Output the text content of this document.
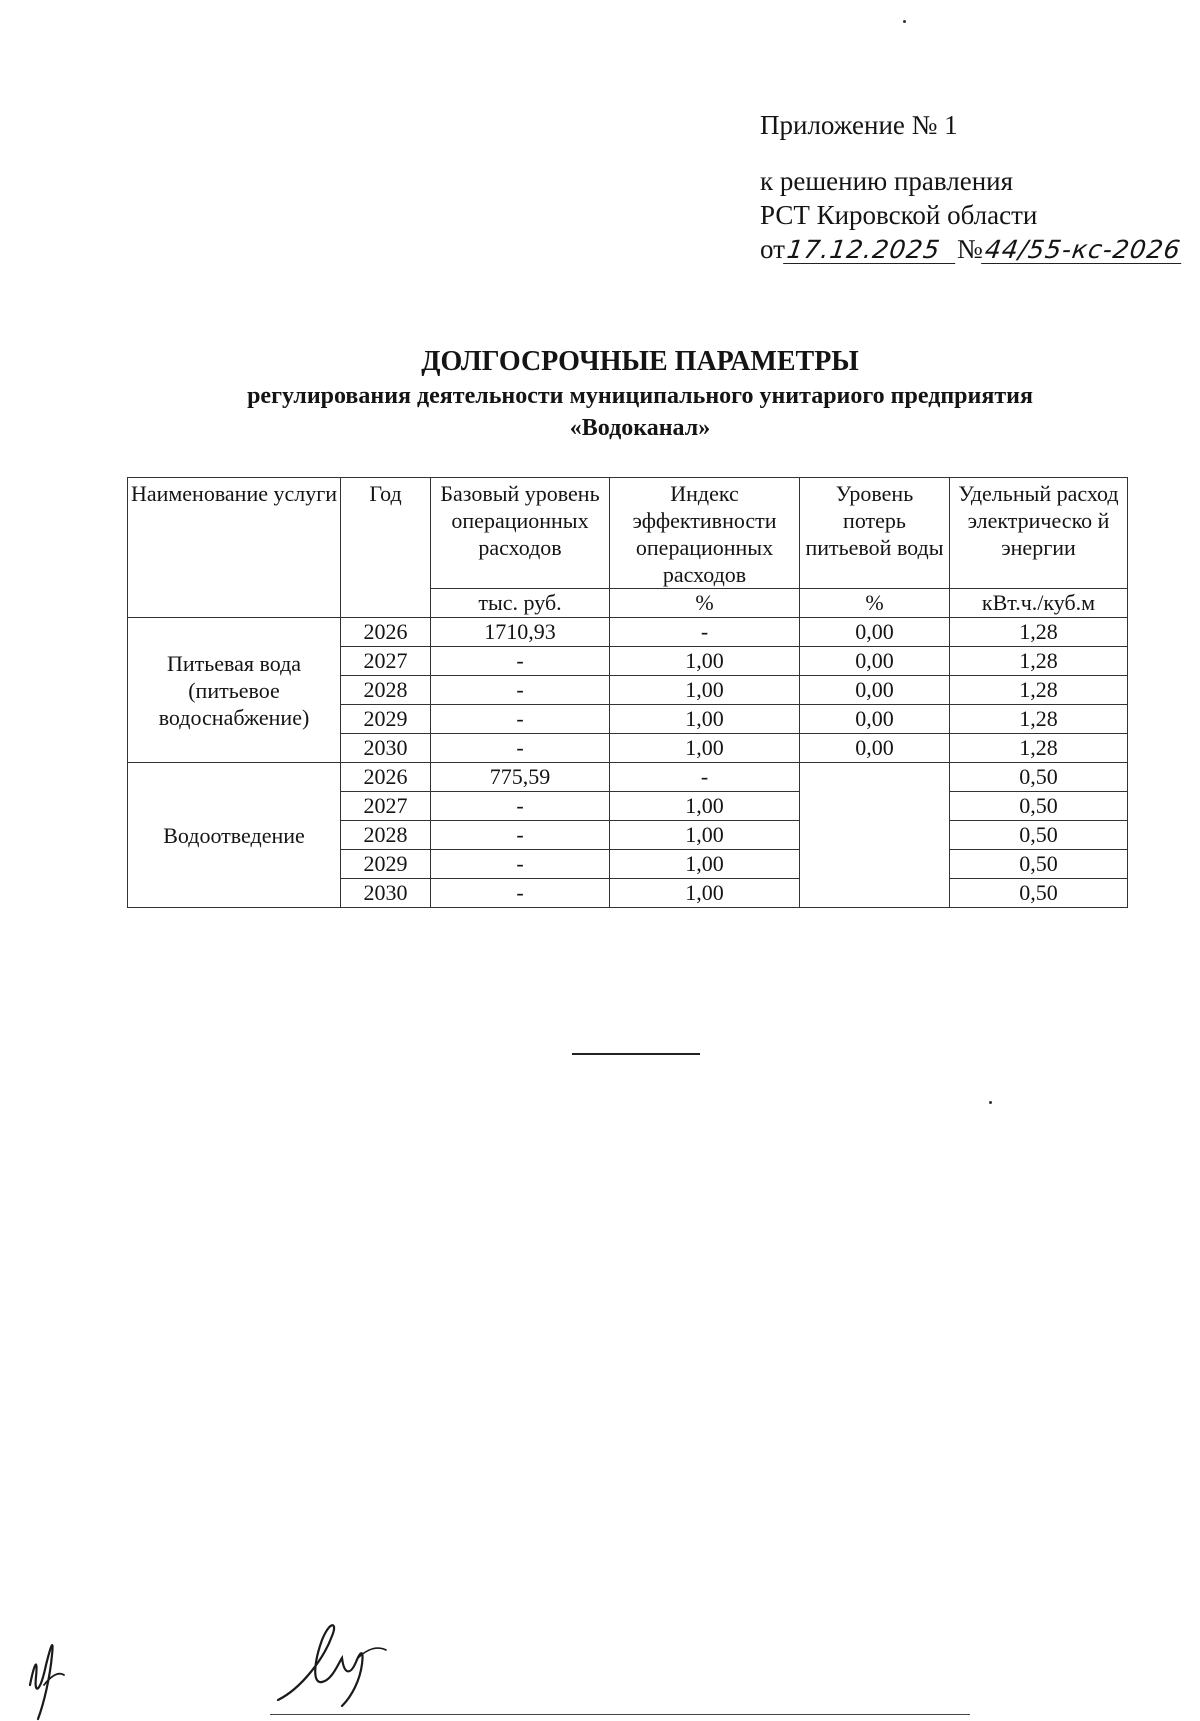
Приложение № 1
к решению правления
РСТ Кировской области
от17.12.2025 №44/55-кс-2026
ДОЛГОСРОЧНЫЕ ПАРАМЕТРЫ
регулирования деятельности муниципального унитариого предприятия
«Водоканал»
Наименование услуги	Год	Базовый уровень операционных расходов	Индекс эффективности операционных расходов	Уровень потерь питьевой воды	Удельный расход электрическо й энергии
		тыс. руб.	%	%	кВт.ч./куб.м
Питьевая вода (питьевое водоснабжение)	2026	1710,93	-	0,00	1,28
	2027	-	1,00	0,00	1,28
	2028	-	1,00	0,00	1,28
	2029	-	1,00	0,00	1,28
	2030	-	1,00	0,00	1,28
Водоотведение	2026	775,59	-		0,50
	2027	-	1,00		0,50
	2028	-	1,00		0,50
	2029	-	1,00		0,50
	2030	-	1,00		0,50
